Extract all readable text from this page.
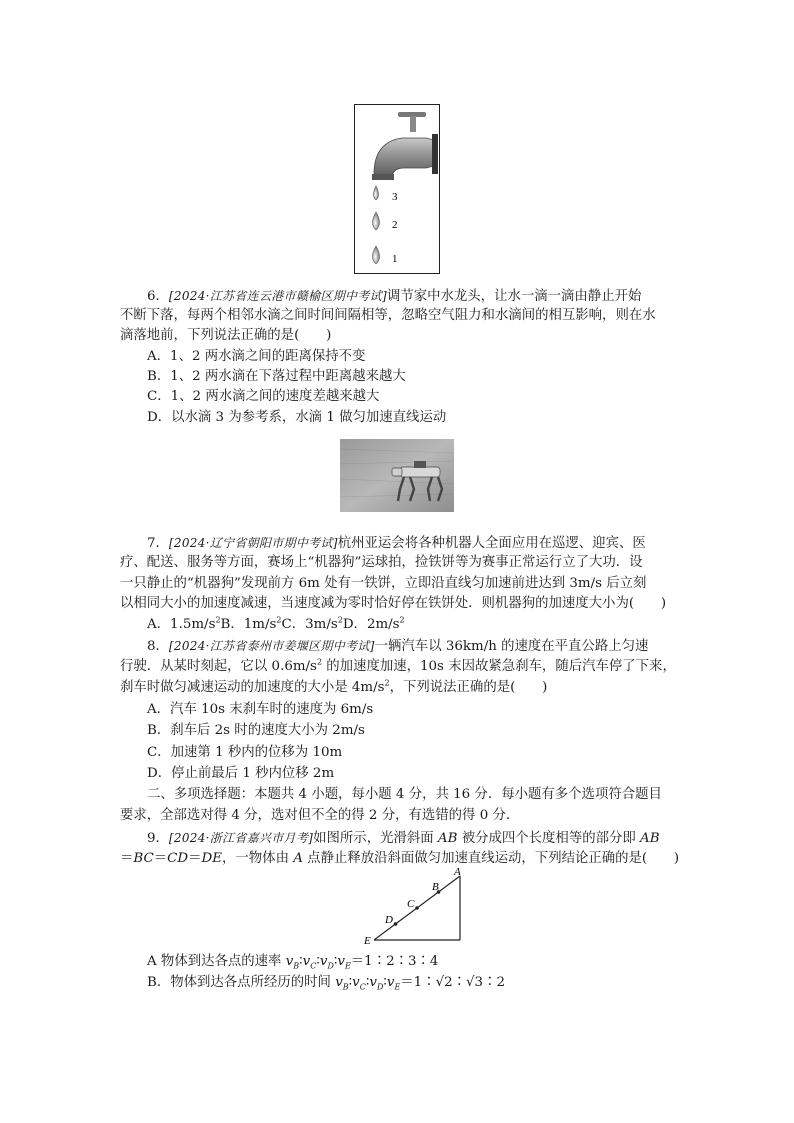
3
2
1
6．[2024·江苏省连云港市赣榆区期中考试]调节家中水龙头，让水一滴一滴由静止开始
不断下落，每两个相邻水滴之间时间间隔相等，忽略空气阻力和水滴间的相互影响，则在水
滴落地前，下列说法正确的是(　　)
A．1、2 两水滴之间的距离保持不变
B．1、2 两水滴在下落过程中距离越来越大
C．1、2 两水滴之间的速度差越来越大
D．以水滴 3 为参考系，水滴 1 做匀加速直线运动
7．[2024·辽宁省朝阳市期中考试]杭州亚运会将各种机器人全面应用在巡逻、迎宾、医
疗、配送、服务等方面，赛场上“机器狗”运球拍，捡铁饼等为赛事正常运行立了大功．设
一只静止的“机器狗”发现前方 6m 处有一铁饼，立即沿直线匀加速前进达到 3m/s 后立刻
以相同大小的加速度减速，当速度减为零时恰好停在铁饼处．则机器狗的加速度大小为(　　)
A．$1.5m/s^2B$．$1m/s^2C$．$3m/s^2D$．$2m/s^2$
8．[2024·江苏省泰州市姜堰区期中考试]一辆汽车以 36km/h 的速度在平直公路上匀速
行驶．从某时刻起，它以 $0.6m/s^2$ 的加速度加速，10s 末因故紧急刹车，随后汽车停了下来，
刹车时做匀减速运动的加速度的大小是 $4m/s^2$，下列说法正确的是(　　)
A．汽车 10s 末刹车时的速度为 6m/s
B．刹车后 2s 时的速度大小为 2m/s
C．加速第 1 秒内的位移为 10m
D．停止前最后 1 秒内位移 2m
二、多项选择题：本题共 4 小题，每小题 4 分，共 16 分．每小题有多个选项符合题目
要求，全部选对得 4 分，选对但不全的得 2 分，有选错的得 0 分．
9．[2024·浙江省嘉兴市月考]如图所示，光滑斜面 AB 被分成四个长度相等的部分即 AB
＝BC＝CD＝DE，一物体由 A 点静止释放沿斜面做匀加速直线运动，下列结论正确的是(　　)
A
B
C
D
E
A 物体到达各点的速率 $v_B∶v_C∶v_D∶v_E=1∶2∶3∶4$
B．物体到达各点所经历的时间 $v_B∶v_C∶v_D∶v_E=1∶√2∶√3∶2$
